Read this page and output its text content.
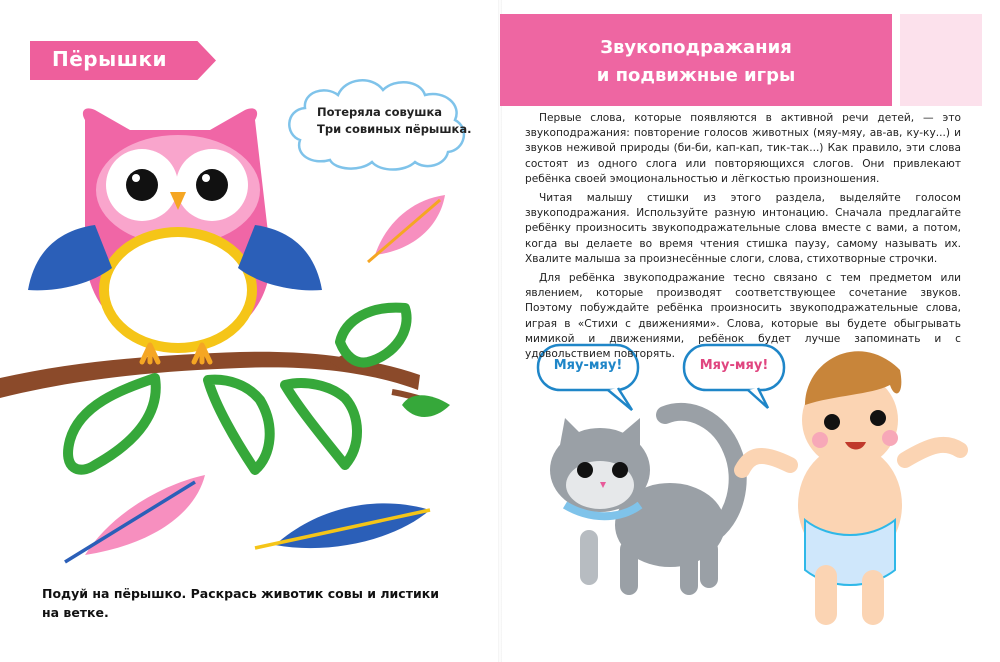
Пёрышки
Потеряла совушка
Три совиных пёрышка.
Подуй на пёрышко. Раскрась животик совы и листики
на ветке.
Звукоподражания
и подвижные игры

Первые слова, которые появляются в активной речи детей, — это звукоподражания: повторение голосов животных (мяу-мяу, ав-ав, ку-ку...) и звуков неживой природы (би-би, кап-кап, тик-так...) Как правило, эти слова состоят из одного слога или повторяющихся слогов. Они привлекают ребёнка своей эмоциональностью и лёгкостью произношения.

Читая малышу стишки из этого раздела, выделяйте голосом звукоподражания. Используйте разную интонацию. Сначала предлагайте ребёнку произносить звукоподражательные слова вместе с вами, а потом, когда вы делаете во время чтения стишка паузу, самому называть их. Хвалите малыша за произнесённые слоги, слова, стихотворные строчки.

Для ребёнка звукоподражание тесно связано с тем предметом или явлением, которые производят соответствующее сочетание звуков. Поэтому побуждайте ребёнка произносить звукоподражательные слова, играя в «Стихи с движениями». Слова, которые вы будете обыгрывать мимикой и движениями, ребёнок будет лучше запоминать и с удовольствием повторять.

Мяу-мяу!	Мяу-мяу!
